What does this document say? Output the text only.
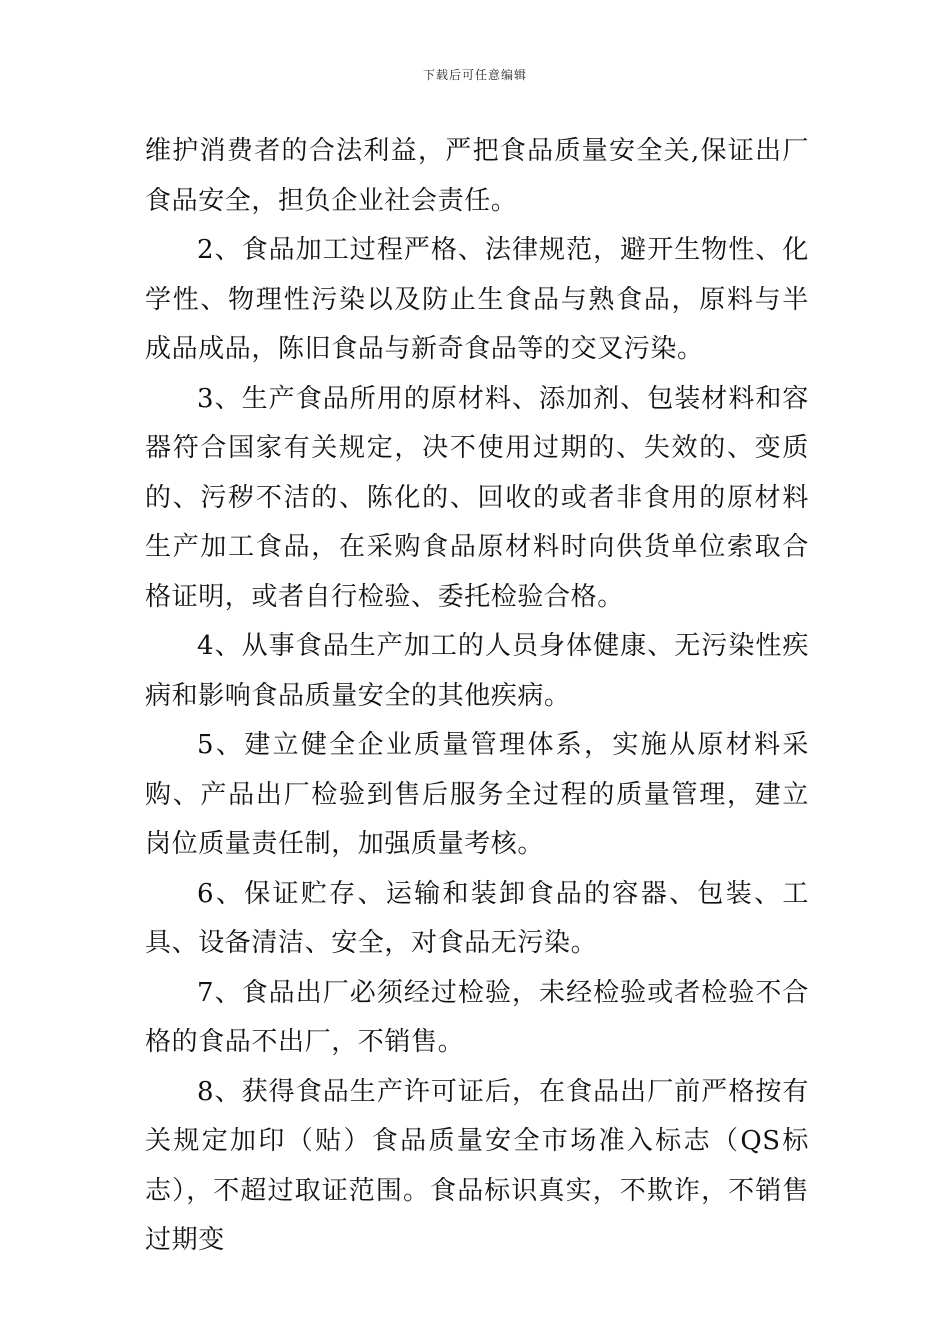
下载后可任意编辑

维护消费者的合法利益，严把食品质量安全关,保证出厂食品安全，担负企业社会责任。

2、食品加工过程严格、法律规范，避开生物性、化学性、物理性污染以及防止生食品与熟食品，原料与半成品成品，陈旧食品与新奇食品等的交叉污染。

3、生产食品所用的原材料、添加剂、包装材料和容器符合国家有关规定，决不使用过期的、失效的、变质的、污秽不洁的、陈化的、回收的或者非食用的原材料生产加工食品，在采购食品原材料时向供货单位索取合格证明，或者自行检验、委托检验合格。

4、从事食品生产加工的人员身体健康、无污染性疾病和影响食品质量安全的其他疾病。

5、建立健全企业质量管理体系，实施从原材料采购、产品出厂检验到售后服务全过程的质量管理，建立岗位质量责任制，加强质量考核。

6、保证贮存、运输和装卸食品的容器、包装、工具、设备清洁、安全，对食品无污染。

7、食品出厂必须经过检验，未经检验或者检验不合格的食品不出厂，不销售。

8、获得食品生产许可证后，在食品出厂前严格按有关规定加印（贴）食品质量安全市场准入标志（QS标志），不超过取证范围。食品标识真实，不欺诈，不销售过期变
